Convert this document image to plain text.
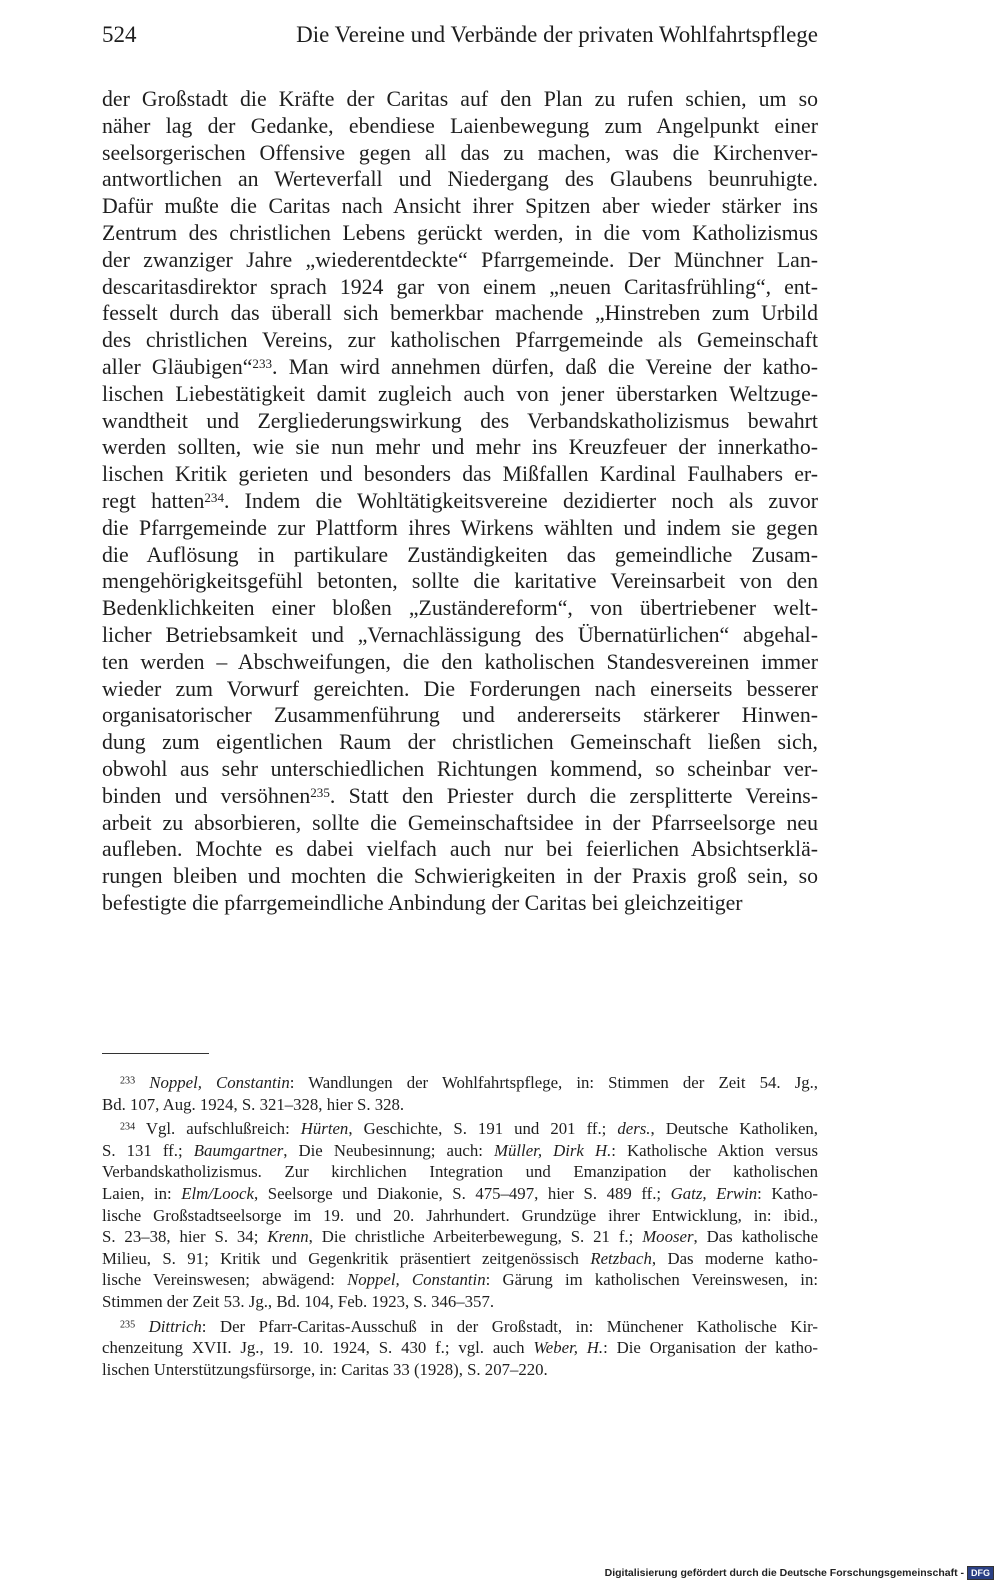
524	Die Vereine und Verbände der privaten Wohlfahrtspflege
der Großstadt die Kräfte der Caritas auf den Plan zu rufen schien, um so
näher lag der Gedanke, ebendiese Laienbewegung zum Angelpunkt einer
seelsorgerischen Offensive gegen all das zu machen, was die Kirchenver-
antwortlichen an Werteverfall und Niedergang des Glaubens beunruhigte.
Dafür mußte die Caritas nach Ansicht ihrer Spitzen aber wieder stärker ins
Zentrum des christlichen Lebens gerückt werden, in die vom Katholizismus
der zwanziger Jahre „wiederentdeckte“ Pfarrgemeinde. Der Münchner Lan-
descaritasdirektor sprach 1924 gar von einem „neuen Caritasfrühling“, ent-
fesselt durch das überall sich bemerkbar machende „Hinstreben zum Urbild
des christlichen Vereins, zur katholischen Pfarrgemeinde als Gemeinschaft
aller Gläubigen“$^{233}$. Man wird annehmen dürfen, daß die Vereine der katho-
lischen Liebestätigkeit damit zugleich auch von jener überstarken Weltzuge-
wandtheit und Zergliederungswirkung des Verbandskatholizismus bewahrt
werden sollten, wie sie nun mehr und mehr ins Kreuzfeuer der innerkatho-
lischen Kritik gerieten und besonders das Mißfallen Kardinal Faulhabers er-
regt hatten$^{234}$. Indem die Wohltätigkeitsvereine dezidierter noch als zuvor
die Pfarrgemeinde zur Plattform ihres Wirkens wählten und indem sie gegen
die Auflösung in partikulare Zuständigkeiten das gemeindliche Zusam-
mengehörigkeitsgefühl betonten, sollte die karitative Vereinsarbeit von den
Bedenklichkeiten einer bloßen „Zuständereform“, von übertriebener welt-
licher Betriebsamkeit und „Vernachlässigung des Übernatürlichen“ abgehal-
ten werden – Abschweifungen, die den katholischen Standesvereinen immer
wieder zum Vorwurf gereichten. Die Forderungen nach einerseits besserer
organisatorischer Zusammenführung und andererseits stärkerer Hinwen-
dung zum eigentlichen Raum der christlichen Gemeinschaft ließen sich,
obwohl aus sehr unterschiedlichen Richtungen kommend, so scheinbar ver-
binden und versöhnen$^{235}$. Statt den Priester durch die zersplitterte Vereins-
arbeit zu absorbieren, sollte die Gemeinschaftsidee in der Pfarrseelsorge neu
aufleben. Mochte es dabei vielfach auch nur bei feierlichen Absichtserklä-
rungen bleiben und mochten die Schwierigkeiten in der Praxis groß sein, so
befestigte die pfarrgemeindliche Anbindung der Caritas bei gleichzeitiger
$^{233}$ Noppel, Constantin: Wandlungen der Wohlfahrtspflege, in: Stimmen der Zeit 54. Jg.,
Bd. 107, Aug. 1924, S. 321–328, hier S. 328.
$^{234}$ Vgl. aufschlußreich: Hürten, Geschichte, S. 191 und 201 ff.; ders., Deutsche Katholiken,
S. 131 ff.; Baumgartner, Die Neubesinnung; auch: Müller, Dirk H.: Katholische Aktion versus
Verbandskatholizismus. Zur kirchlichen Integration und Emanzipation der katholischen
Laien, in: Elm/Loock, Seelsorge und Diakonie, S. 475–497, hier S. 489 ff.; Gatz, Erwin: Katho-
lische Großstadtseelsorge im 19. und 20. Jahrhundert. Grundzüge ihrer Entwicklung, in: ibid.,
S. 23–38, hier S. 34; Krenn, Die christliche Arbeiterbewegung, S. 21 f.; Mooser, Das katholische
Milieu, S. 91; Kritik und Gegenkritik präsentiert zeitgenössisch Retzbach, Das moderne katho-
lische Vereinswesen; abwägend: Noppel, Constantin: Gärung im katholischen Vereinswesen, in:
Stimmen der Zeit 53. Jg., Bd. 104, Feb. 1923, S. 346–357.
$^{235}$ Dittrich: Der Pfarr-Caritas-Ausschuß in der Großstadt, in: Münchener Katholische Kir-
chenzeitung XVII. Jg., 19. 10. 1924, S. 430 f.; vgl. auch Weber, H.: Die Organisation der katho-
lischen Unterstützungsfürsorge, in: Caritas 33 (1928), S. 207–220.
Digitalisierung gefördert durch die Deutsche Forschungsgemeinschaft - DFG
